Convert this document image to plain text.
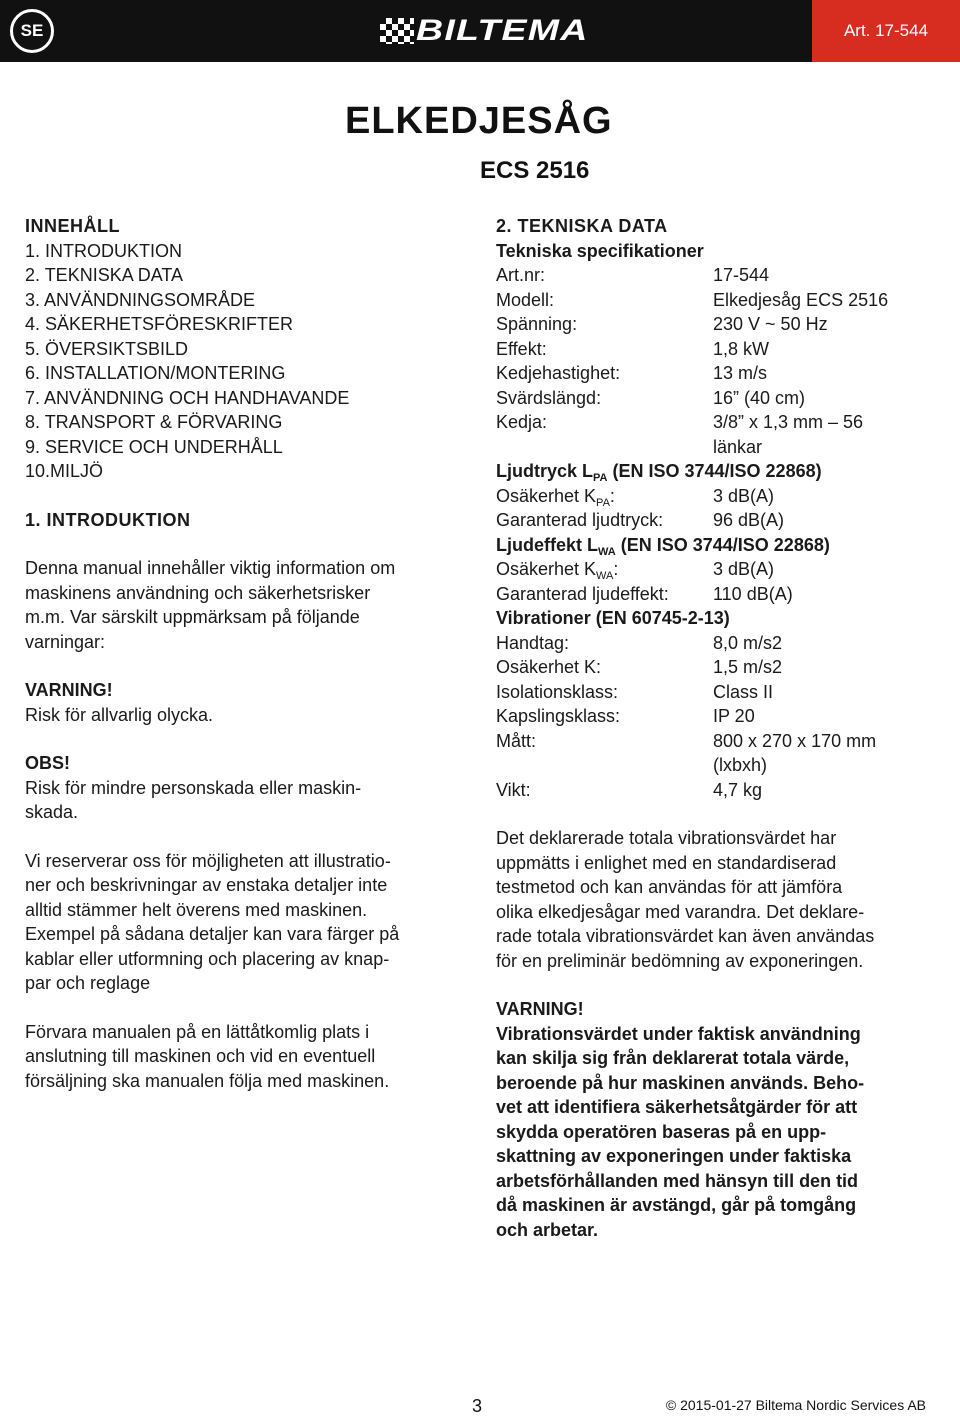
SE	BILTEMA	Art. 17-544
ELKEDJESÅG
ECS 2516
INNEHÅLL
1. INTRODUKTION
2. TEKNISKA DATA
3. ANVÄNDNINGSOMRÅDE
4. SÄKERHETSFÖRESKRIFTER
5. ÖVERSIKTSBILD
6. INSTALLATION/MONTERING
7. ANVÄNDNING OCH HANDHAVANDE
8. TRANSPORT & FÖRVARING
9. SERVICE OCH UNDERHÅLL
10.MILJÖ
1. INTRODUKTION
Denna manual innehåller viktig information om
maskinens användning och säkerhetsrisker
m.m. Var särskilt uppmärksam på följande
varningar:
VARNING!
Risk för allvarlig olycka.
OBS!
Risk för mindre personskada eller maskin-
skada.
Vi reserverar oss för möjligheten att illustratio-
ner och beskrivningar av enstaka detaljer inte
alltid stämmer helt överens med maskinen.
Exempel på sådana detaljer kan vara färger på
kablar eller utformning och placering av knap-
par och reglage
Förvara manualen på en lättåtkomlig plats i
anslutning till maskinen och vid en eventuell
försäljning ska manualen följa med maskinen.
2. TEKNISKA DATA
Tekniska specifikationer
Art.nr:	17-544
Modell:	Elkedjesåg ECS 2516
Spänning:	230 V ~ 50 Hz
Effekt:	1,8 kW
Kedjehastighet:	13 m/s
Svärdslängd:	16” (40 cm)
Kedja:	3/8” x 1,3 mm – 56
länkar
Ljudtryck $L_{PA}$ (EN ISO 3744/ISO 22868)
Osäkerhet $K_{PA}$:	3 dB(A)
Garanterad ljudtryck:	96 dB(A)
Ljudeffekt $L_{WA}$ (EN ISO 3744/ISO 22868)
Osäkerhet $K_{WA}$:	3 dB(A)
Garanterad ljudeffekt:	110 dB(A)
Vibrationer (EN 60745-2-13)
Handtag:	8,0 m/s2
Osäkerhet K:	1,5 m/s2
Isolationsklass:	Class II
Kapslingsklass:	IP 20
Mått:	800 x 270 x 170 mm
(lxbxh)
Vikt:	4,7 kg
Det deklarerade totala vibrationsvärdet har
uppmätts i enlighet med en standardiserad
testmetod och kan användas för att jämföra
olika elkedjesågar med varandra. Det deklare-
rade totala vibrationsvärdet kan även användas
för en preliminär bedömning av exponeringen.
VARNING!
Vibrationsvärdet under faktisk användning
kan skilja sig från deklarerat totala värde,
beroende på hur maskinen används. Beho-
vet att identifiera säkerhetsåtgärder för att
skydda operatören baseras på en upp-
skattning av exponeringen under faktiska
arbetsförhållanden med hänsyn till den tid
då maskinen är avstängd, går på tomgång
och arbetar.
3	© 2015-01-27 Biltema Nordic Services AB
